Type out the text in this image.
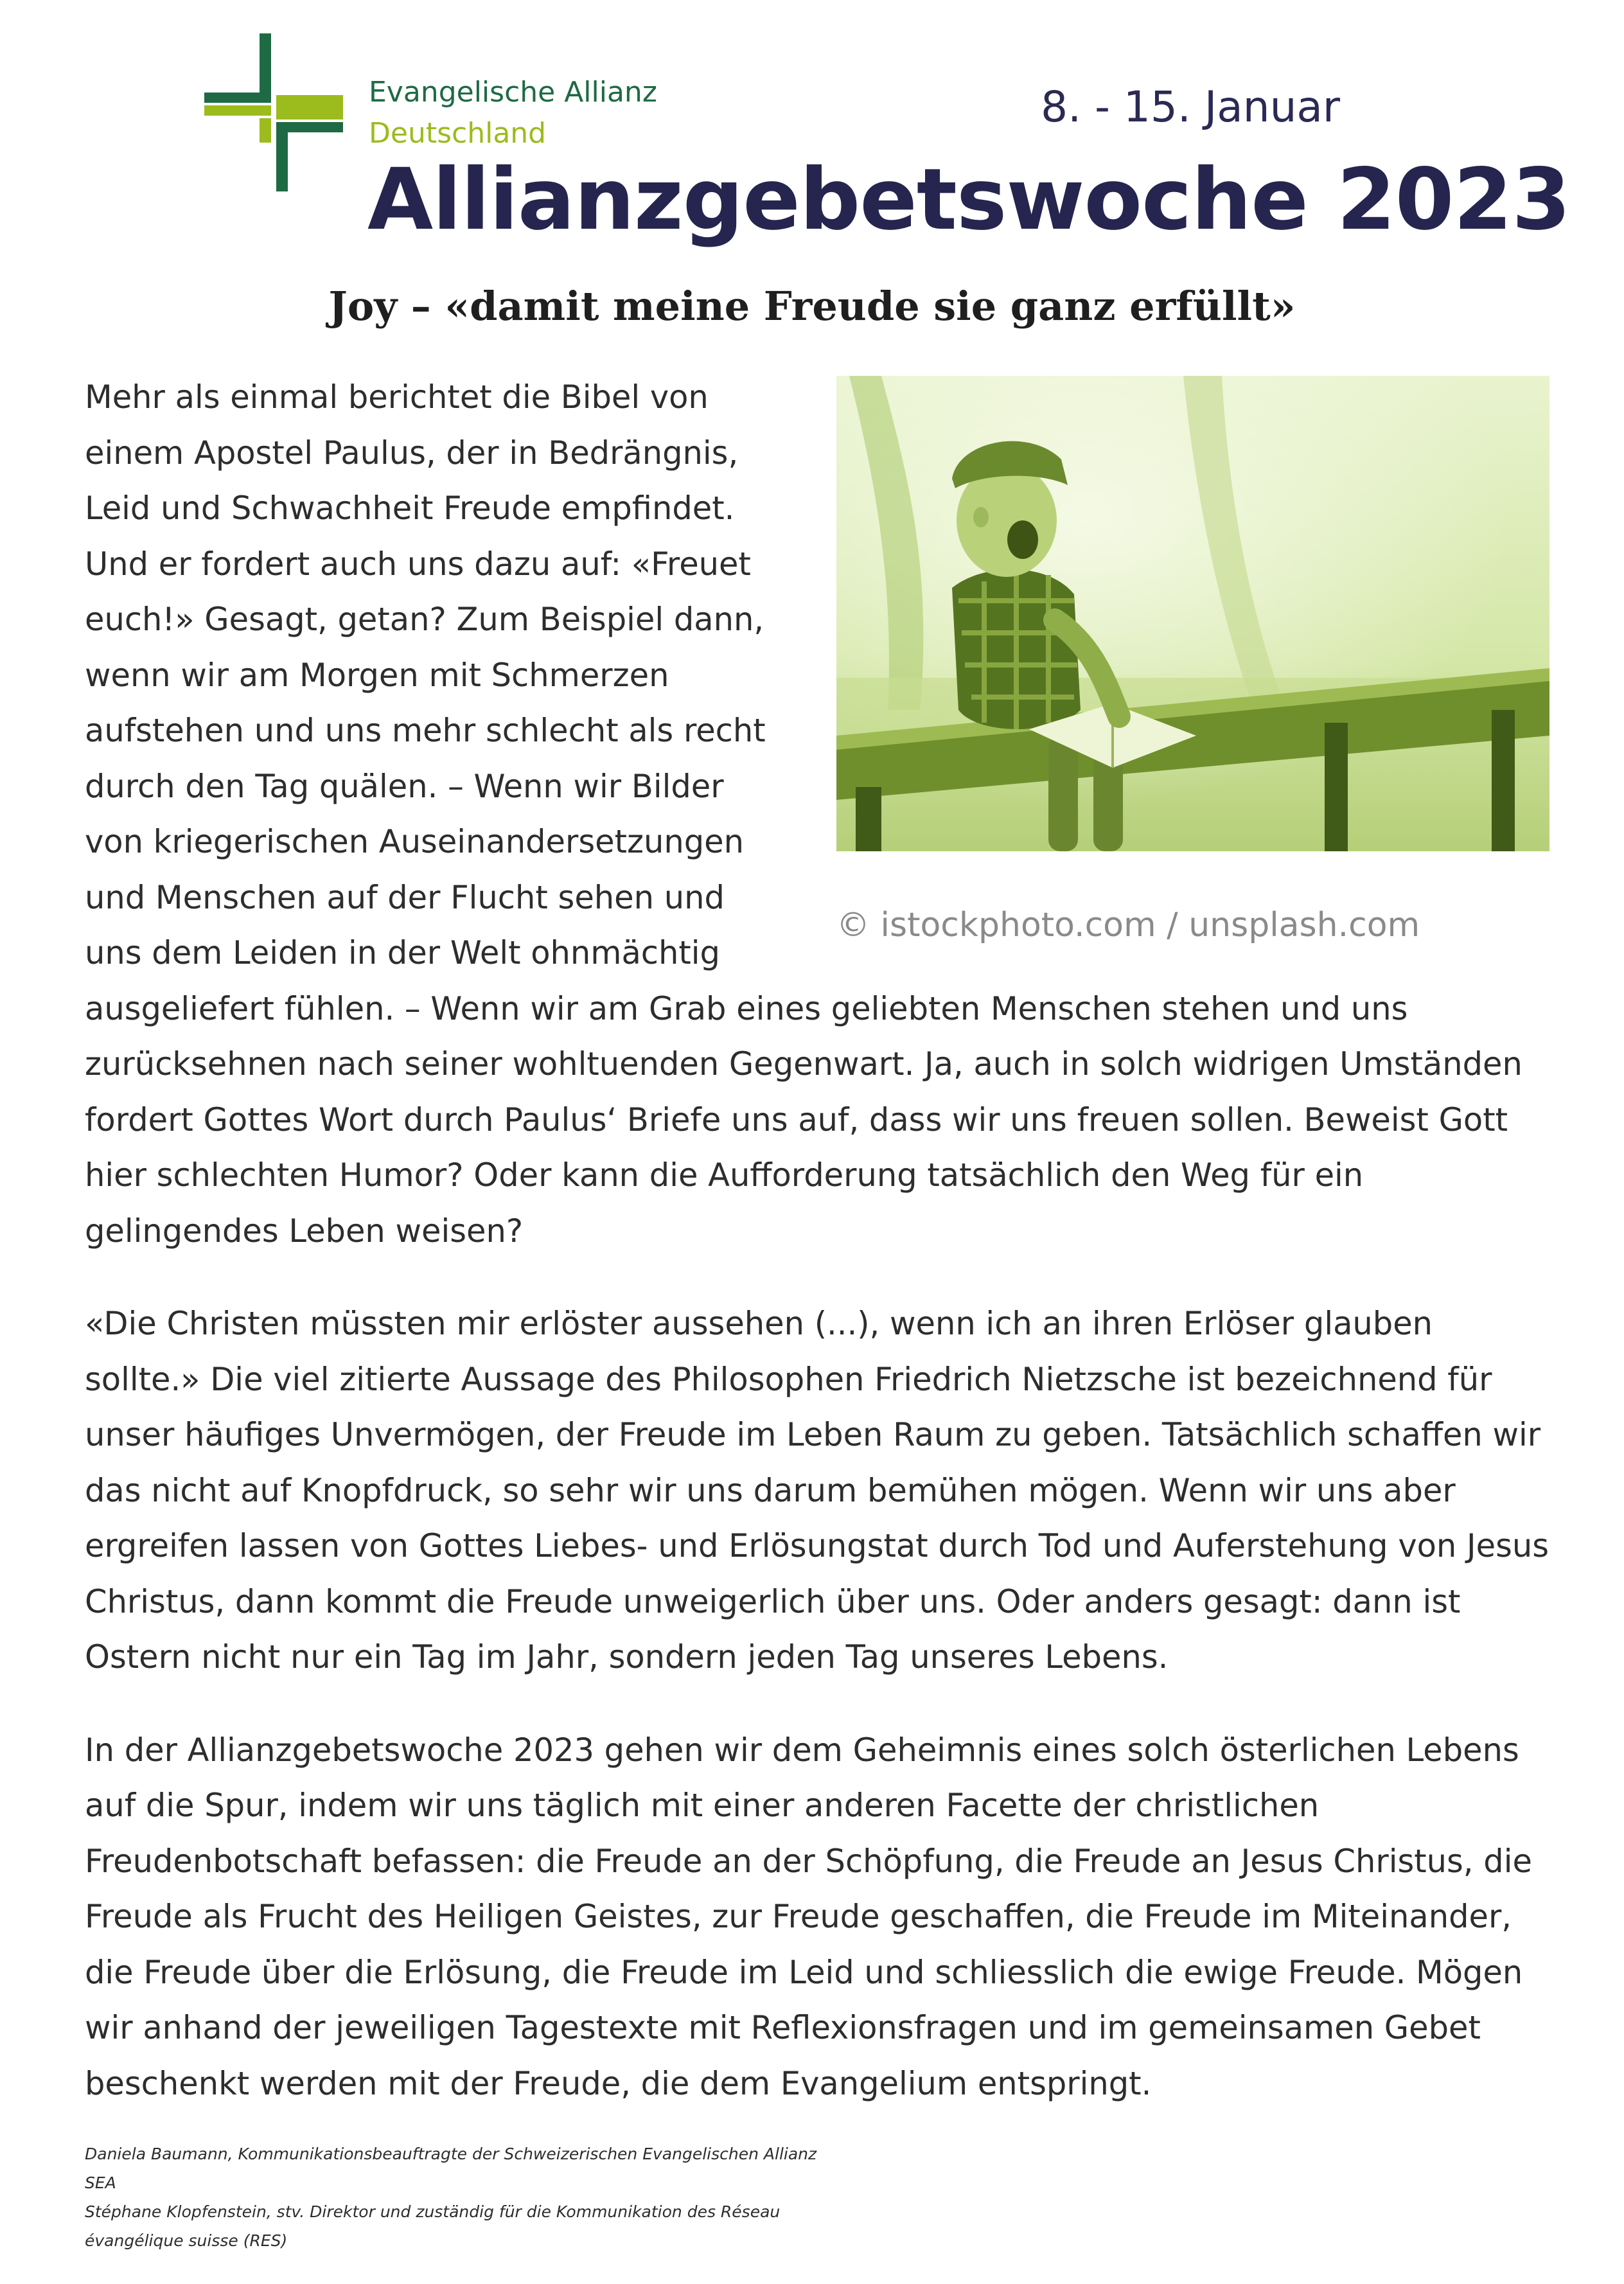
Evangelische Allianz
Deutschland
8. - 15. Januar
Allianzgebetswoche 2023
Joy – «damit meine Freude sie ganz erfüllt»
© istockphoto.com / unsplash.com

Mehr als einmal berichtet die Bibel von einem Apostel Paulus, der in Bedrängnis, Leid und Schwachheit Freude empfindet. Und er fordert auch uns dazu auf: «Freuet euch!» Gesagt, getan? Zum Beispiel dann, wenn wir am Morgen mit Schmerzen aufstehen und uns mehr schlecht als recht durch den Tag quälen. – Wenn wir Bilder von kriegerischen Auseinandersetzungen und Menschen auf der Flucht sehen und uns dem Leiden in der Welt ohnmächtig ausgeliefert fühlen. – Wenn wir am Grab eines geliebten Menschen stehen und uns zurücksehnen nach seiner wohltuenden Gegenwart. Ja, auch in solch widrigen Umständen fordert Gottes Wort durch Paulus‘ Briefe uns auf, dass wir uns freuen sollen. Beweist Gott hier schlechten Humor? Oder kann die Aufforderung tatsächlich den Weg für ein gelingendes Leben weisen?

«Die Christen müssten mir erlöster aussehen (...), wenn ich an ihren Erlöser glauben sollte.» Die viel zitierte Aussage des Philosophen Friedrich Nietzsche ist bezeichnend für unser häufiges Unvermögen, der Freude im Leben Raum zu geben. Tatsächlich schaffen wir das nicht auf Knopfdruck, so sehr wir uns darum bemühen mögen. Wenn wir uns aber ergreifen lassen von Gottes Liebes- und Erlösungstat durch Tod und Auferstehung von Jesus Christus, dann kommt die Freude unweigerlich über uns. Oder anders gesagt: dann ist Ostern nicht nur ein Tag im Jahr, sondern jeden Tag unseres Lebens.

In der Allianzgebetswoche 2023 gehen wir dem Geheimnis eines solch österlichen Lebens auf die Spur, indem wir uns täglich mit einer anderen Facette der christlichen Freudenbotschaft befassen: die Freude an der Schöpfung, die Freude an Jesus Christus, die Freude als Frucht des Heiligen Geistes, zur Freude geschaffen, die Freude im Miteinander, die Freude über die Erlösung, die Freude im Leid und schliesslich die ewige Freude. Mögen wir anhand der jeweiligen Tagestexte mit Reflexionsfragen und im gemeinsamen Gebet beschenkt werden mit der Freude, die dem Evangelium entspringt.

Daniela Baumann, Kommunikationsbeauftragte der Schweizerischen Evangelischen Allianz
SEA
Stéphane Klopfenstein, stv. Direktor und zuständig für die Kommunikation des Réseau
évangélique suisse (RES)
